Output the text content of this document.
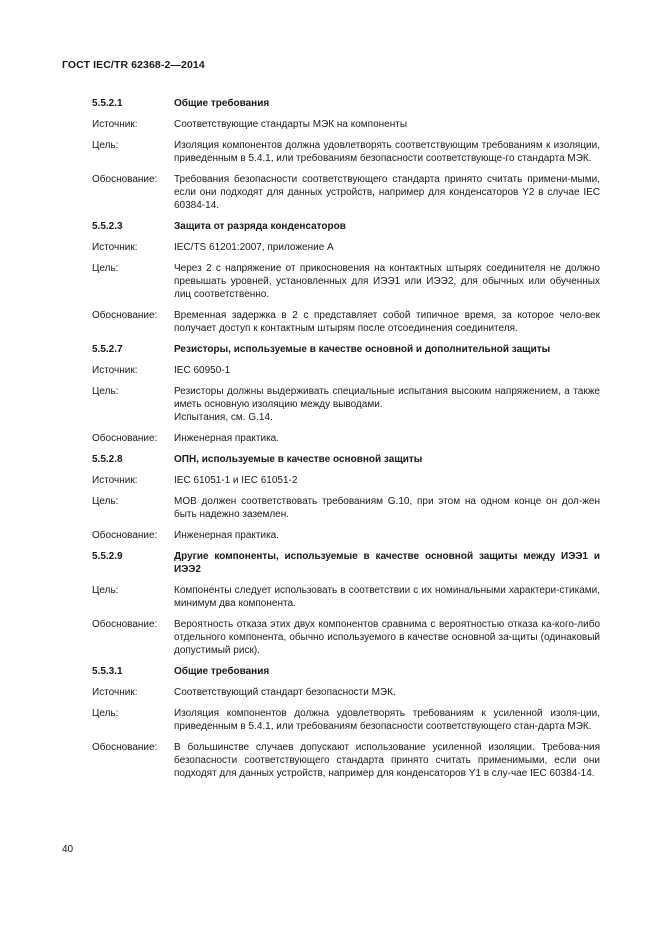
ГОСТ IEC/TR 62368-2—2014
5.5.2.1	Общие требования
Источник:	Соответствующие стандарты МЭК на компоненты
Цель:	Изоляция компонентов должна удовлетворять соответствующим требованиям к изоляции, приведенным в 5.4.1, или требованиям безопасности соответствующе-го стандарта МЭК.
Обоснование:	Требования безопасности соответствующего стандарта принято считать примени-мыми, если они подходят для данных устройств, например для конденсаторов Y2 в случае IEC 60384-14.
5.5.2.3	Защита от разряда конденсаторов
Источник:	IEC/TS 61201:2007, приложение А
Цель:	Через 2 с напряжение от прикосновения на контактных штырях соединителя не должно превышать уровней, установленных для ИЭЭ1 или ИЭЭ2, для обычных или обученных лиц соответственно.
Обоснование:	Временная задержка в 2 с представляет собой типичное время, за которое чело-век получает доступ к контактным штырям после отсоединения соединителя.
5.5.2.7	Резисторы, используемые в качестве основной и дополнительной защиты
Источник:	IEC 60950-1
Цель:	Резисторы должны выдерживать специальные испытания высоким напряжением, а также иметь основную изоляцию между выводами.
Испытания, см. G.14.
Обоснование:	Инженерная практика.
5.5.2.8	ОПН, используемые в качестве основной защиты
Источник:	IEC 61051-1 и IEC 61051-2
Цель:	MOB должен соответствовать требованиям G.10, при этом на одном конце он дол-жен быть надежно заземлен.
Обоснование:	Инженерная практика.
5.5.2.9	Другие компоненты, используемые в качестве основной защиты между ИЭЭ1 и ИЭЭ2
Цель:	Компоненты следует использовать в соответствии с их номинальными характери-стиками, минимум два компонента.
Обоснование:	Вероятность отказа этих двух компонентов сравнима с вероятностью отказа ка-кого-либо отдельного компонента, обычно используемого в качестве основной за-щиты (одинаковый допустимый риск).
5.5.3.1	Общие требования
Источник:	Соответствующий стандарт безопасности МЭК.
Цель:	Изоляция компонентов должна удовлетворять требованиям к усиленной изоля-ции, приведенным в 5.4.1, или требованиям безопасности соответствующего стан-дарта МЭК.
Обоснование:	В большинстве случаев допускают использование усиленной изоляции. Требова-ния безопасности соответствующего стандарта принято считать применимыми, если они подходят для данных устройств, например для конденсаторов Y1 в слу-чае IEC 60384-14.
40
